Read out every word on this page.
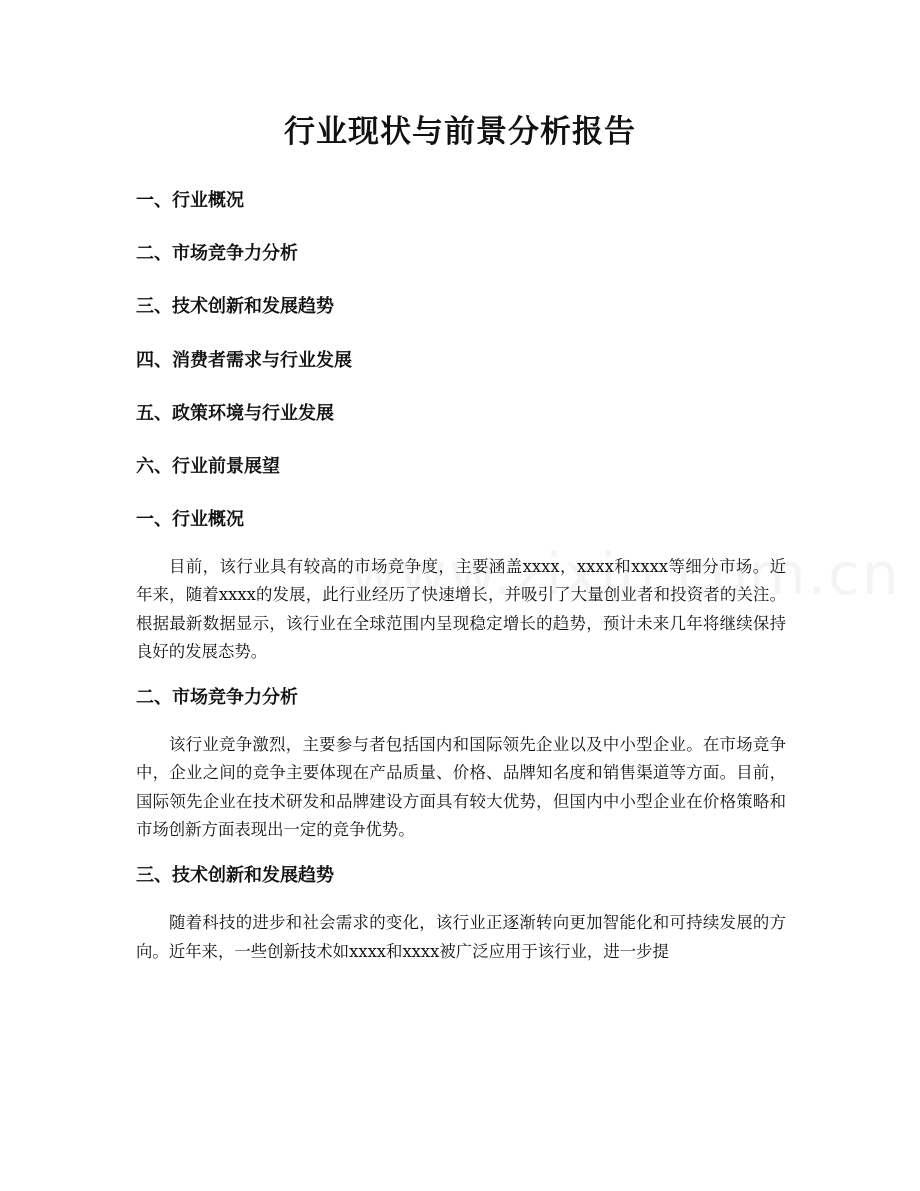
行业现状与前景分析报告
一、行业概况
二、市场竞争力分析
三、技术创新和发展趋势
四、消费者需求与行业发展
五、政策环境与行业发展
六、行业前景展望
一、行业概况

目前，该行业具有较高的市场竞争度，主要涵盖xxxx，xxxx和xxxx等细分市场。近年来，随着xxxx的发展，此行业经历了快速增长，并吸引了大量创业者和投资者的关注。根据最新数据显示，该行业在全球范围内呈现稳定增长的趋势，预计未来几年将继续保持良好的发展态势。

二、市场竞争力分析

该行业竞争激烈，主要参与者包括国内和国际领先企业以及中小型企业。在市场竞争中，企业之间的竞争主要体现在产品质量、价格、品牌知名度和销售渠道等方面。目前，国际领先企业在技术研发和品牌建设方面具有较大优势，但国内中小型企业在价格策略和市场创新方面表现出一定的竞争优势。

三、技术创新和发展趋势

随着科技的进步和社会需求的变化，该行业正逐渐转向更加智能化和可持续发展的方向。近年来，一些创新技术如xxxx和xxxx被广泛应用于该行业，进一步提
